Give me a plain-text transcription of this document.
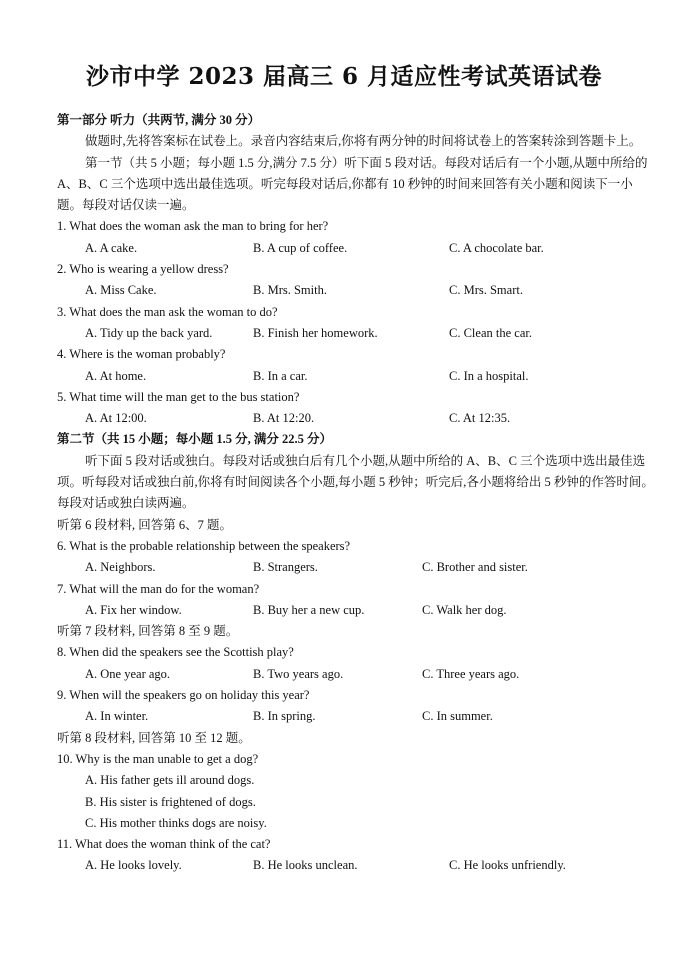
沙市中学 2023 届高三 6 月适应性考试英语试卷
第一部分 听力（共两节, 满分 30 分）

做题时,先将答案标在试卷上。录音内容结束后,你将有两分钟的时间将试卷上的答案转涂到答题卡上。

第一节（共 5 小题；每小题 1.5 分,满分 7.5 分）听下面 5 段对话。每段对话后有一个小题,从题中所给的 A、B、C 三个选项中选出最佳选项。听完每段对话后,你都有 10 秒钟的时间来回答有关小题和阅读下一小题。每段对话仅读一遍。

1. What does the woman ask the man to bring for her?
A. A cake.	B. A cup of coffee.	C. A chocolate bar.
2. Who is wearing a yellow dress?
A. Miss Cake.	B. Mrs. Smith.	C. Mrs. Smart.
3. What does the man ask the woman to do?
A. Tidy up the back yard.	B. Finish her homework.	C. Clean the car.
4. Where is the woman probably?
A. At home.	B. In a car.	C. In a hospital.
5. What time will the man get to the bus station?
A. At 12:00.	B. At 12:20.	C. At 12:35.
第二节（共 15 小题；每小题 1.5 分, 满分 22.5 分）

听下面 5 段对话或独白。每段对话或独白后有几个小题,从题中所给的 A、B、C 三个选项中选出最佳选项。听每段对话或独白前,你将有时间阅读各个小题,每小题 5 秒钟；听完后,各小题将给出 5 秒钟的作答时间。每段对话或独白读两遍。

听第 6 段材料, 回答第 6、7 题。
6. What is the probable relationship between the speakers?
A. Neighbors.	B. Strangers.	C. Brother and sister.
7. What will the man do for the woman?
A. Fix her window.	B. Buy her a new cup.	C. Walk her dog.
听第 7 段材料, 回答第 8 至 9 题。
8. When did the speakers see the Scottish play?
A. One year ago.	B. Two years ago.	C. Three years ago.
9. When will the speakers go on holiday this year?
A. In winter.	B. In spring.	C. In summer.
听第 8 段材料, 回答第 10 至 12 题。
10. Why is the man unable to get a dog?
A. His father gets ill around dogs.
B. His sister is frightened of dogs.
C. His mother thinks dogs are noisy.
11. What does the woman think of the cat?
A. He looks lovely.	B. He looks unclean.	C. He looks unfriendly.
